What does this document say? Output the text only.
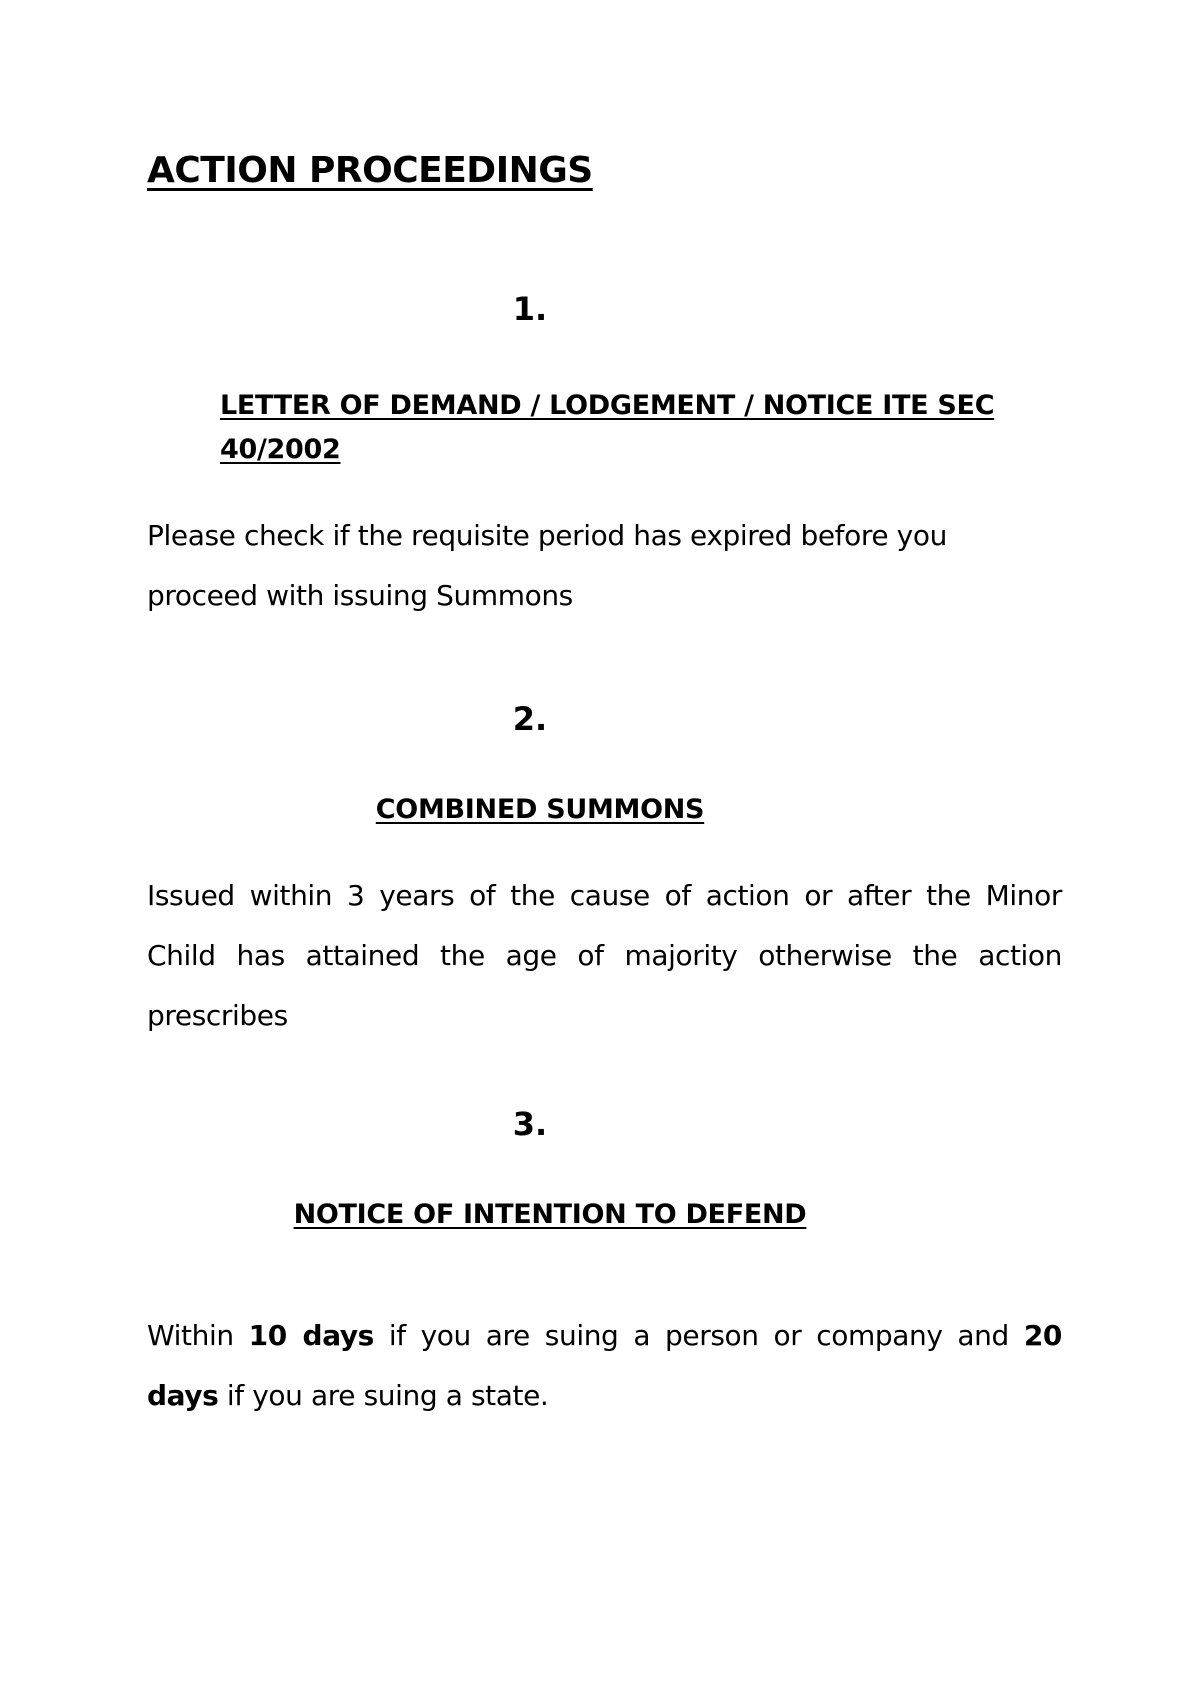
ACTION PROCEEDINGS
1.
LETTER OF DEMAND / LODGEMENT / NOTICE ITE SEC 40/2002

Please check if the requisite period has expired before you proceed with issuing Summons

2.
COMBINED SUMMONS

Issued within 3 years of the cause of action or after the Minor Child has attained the age of majority otherwise the action prescribes

3.
NOTICE OF INTENTION TO DEFEND

Within 10 days if you are suing a person or company and 20 days if you are suing a state.
